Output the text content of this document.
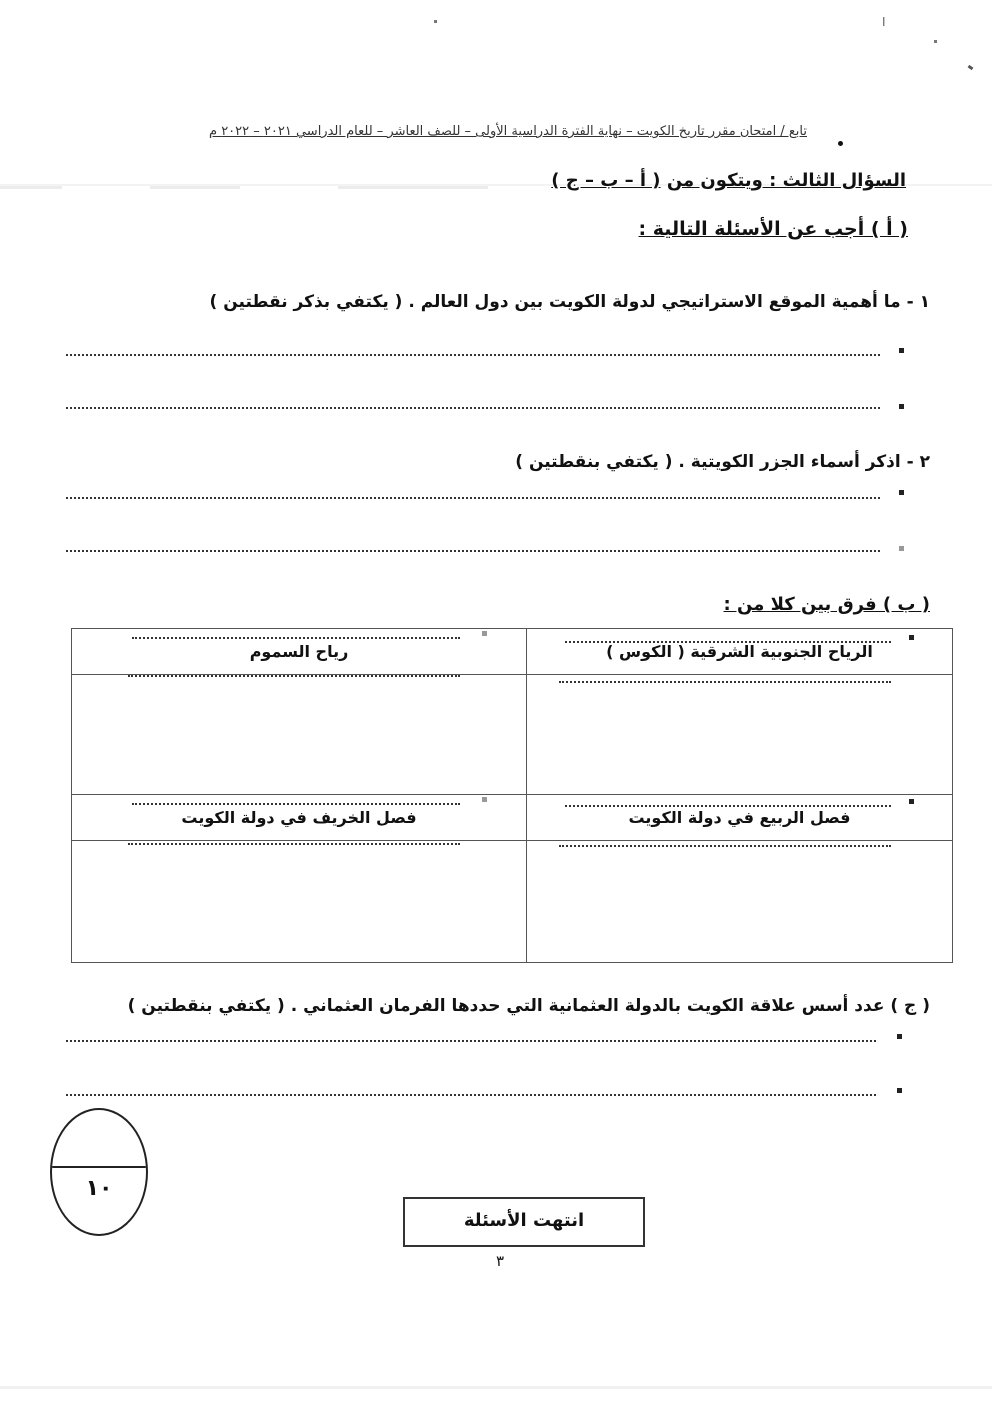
׀
تابع / امتحان مقرر تاريخ الكويت – نهاية الفترة الدراسية الأولى – للصف العاشر – للعام الدراسي ٢٠٢١ – ٢٠٢٢ م
السؤال الثالث : ويتكون من ( أ – ب – ج )
( أ ) أجب عن الأسئلة التالية :
١ - ما أهمية الموقع الاستراتيجي لدولة الكويت بين دول العالم . ( يكتفي بذكر نقطتين )
٢ - اذكر أسماء الجزر الكويتية . ( يكتفي بنقطتين )
( ب ) فرق بين كلا من :
رياح السموم	الرياح الجنوبية الشرقية ( الكوس )

فصل الخريف في دولة الكويت	فصل الربيع في دولة الكويت

( ج ) عدد أسس علاقة الكويت بالدولة العثمانية التي حددها الفرمان العثماني . ( يكتفي بنقطتين )
١٠
انتهت الأسئلة
٣
